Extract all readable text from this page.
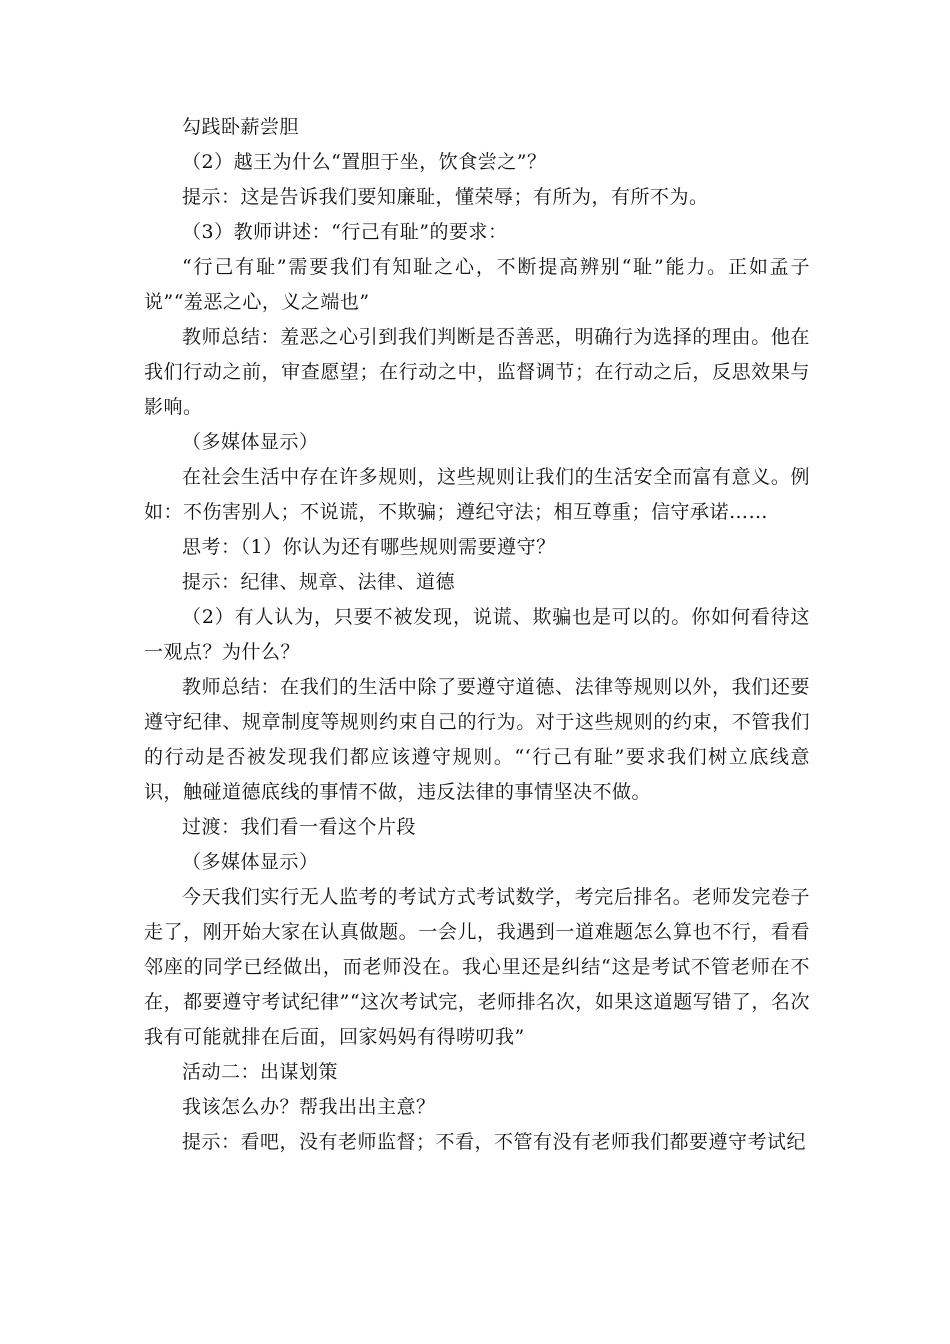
勾践卧薪尝胆

（2）越王为什么“置胆于坐，饮食尝之”？

提示：这是告诉我们要知廉耻，懂荣辱；有所为，有所不为。

（3）教师讲述：“行己有耻”的要求：

“行己有耻”需要我们有知耻之心，不断提高辨别“耻”能力。正如孟子说”“羞恶之心，义之端也”

教师总结：羞恶之心引到我们判断是否善恶，明确行为选择的理由。他在我们行动之前，审查愿望；在行动之中，监督调节；在行动之后，反思效果与影响。

（多媒体显示）

在社会生活中存在许多规则，这些规则让我们的生活安全而富有意义。例如：不伤害别人；不说谎，不欺骗；遵纪守法；相互尊重；信守承诺……

思考：（1）你认为还有哪些规则需要遵守？

提示：纪律、规章、法律、道德

（2）有人认为，只要不被发现，说谎、欺骗也是可以的。你如何看待这一观点？为什么？

教师总结：在我们的生活中除了要遵守道德、法律等规则以外，我们还要遵守纪律、规章制度等规则约束自己的行为。对于这些规则的约束，不管我们的行动是否被发现我们都应该遵守规则。“‘行己有耻”要求我们树立底线意识，触碰道德底线的事情不做，违反法律的事情坚决不做。

过渡：我们看一看这个片段

（多媒体显示）

今天我们实行无人监考的考试方式考试数学，考完后排名。老师发完卷子走了，刚开始大家在认真做题。一会儿，我遇到一道难题怎么算也不行，看看邻座的同学已经做出，而老师没在。我心里还是纠结“这是考试不管老师在不在，都要遵守考试纪律”“这次考试完，老师排名次，如果这道题写错了，名次我有可能就排在后面，回家妈妈有得唠叨我”

活动二：出谋划策

我该怎么办？帮我出出主意？

提示：看吧，没有老师监督；不看，不管有没有老师我们都要遵守考试纪
